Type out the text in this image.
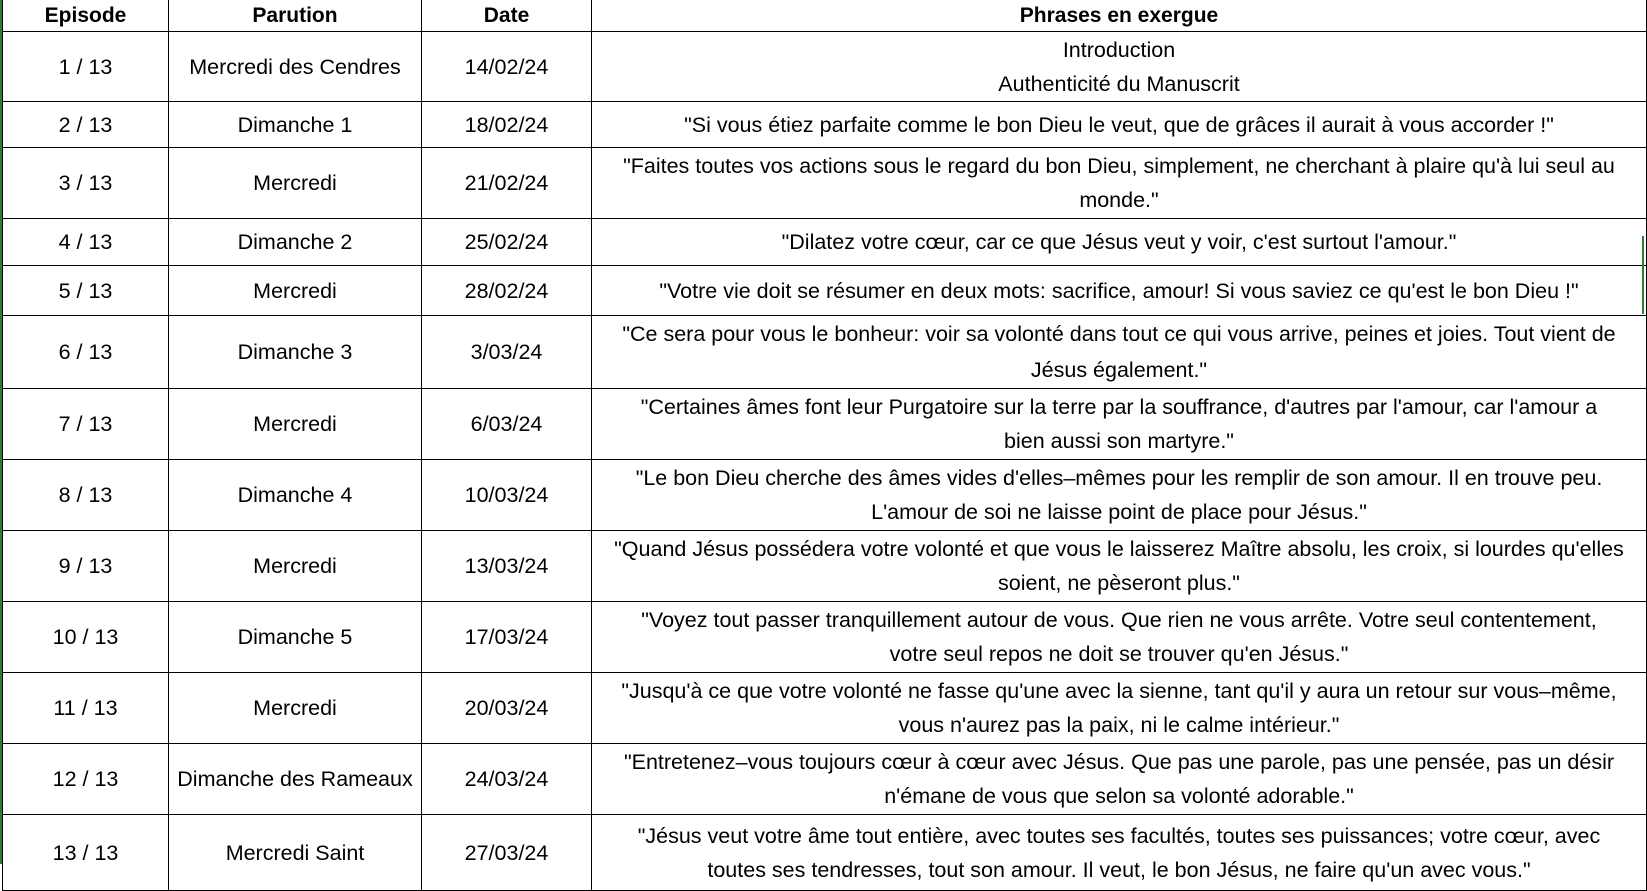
Episode	Parution	Date	Phrases en exergue
1 / 13	Mercredi des Cendres	14/02/24	Introduction
Authenticité du Manuscrit
2 / 13	Dimanche 1	18/02/24	"Si vous étiez parfaite comme le bon Dieu le veut, que de grâces il aurait à vous accorder !"
3 / 13	Mercredi	21/02/24	"Faites toutes vos actions sous le regard du bon Dieu, simplement, ne cherchant à plaire qu'à lui seul au
monde."
4 / 13	Dimanche 2	25/02/24	"Dilatez votre cœur, car ce que Jésus veut y voir, c'est surtout l'amour."
5 / 13	Mercredi	28/02/24	"Votre vie doit se résumer en deux mots: sacrifice, amour! Si vous saviez ce qu'est le bon Dieu !"
6 / 13	Dimanche 3	3/03/24	"Ce sera pour vous le bonheur: voir sa volonté dans tout ce qui vous arrive, peines et joies. Tout vient de
Jésus également."
7 / 13	Mercredi	6/03/24	"Certaines âmes font leur Purgatoire sur la terre par la souffrance, d'autres par l'amour, car l'amour a
bien aussi son martyre."
8 / 13	Dimanche 4	10/03/24	"Le bon Dieu cherche des âmes vides d'elles–mêmes pour les remplir de son amour. Il en trouve peu.
L'amour de soi ne laisse point de place pour Jésus."
9 / 13	Mercredi	13/03/24	"Quand Jésus possédera votre volonté et que vous le laisserez Maître absolu, les croix, si lourdes qu'elles
soient, ne pèseront plus."
10 / 13	Dimanche 5	17/03/24	"Voyez tout passer tranquillement autour de vous. Que rien ne vous arrête. Votre seul contentement,
votre seul repos ne doit se trouver qu'en Jésus."
11 / 13	Mercredi	20/03/24	"Jusqu'à ce que votre volonté ne fasse qu'une avec la sienne, tant qu'il y aura un retour sur vous–même,
vous n'aurez pas la paix, ni le calme intérieur."
12 / 13	Dimanche des Rameaux	24/03/24	"Entretenez–vous toujours cœur à cœur avec Jésus. Que pas une parole, pas une pensée, pas un désir
n'émane de vous que selon sa volonté adorable."
13 / 13	Mercredi Saint	27/03/24	"Jésus veut votre âme tout entière, avec toutes ses facultés, toutes ses puissances; votre cœur, avec
toutes ses tendresses, tout son amour. Il veut, le bon Jésus, ne faire qu'un avec vous."
